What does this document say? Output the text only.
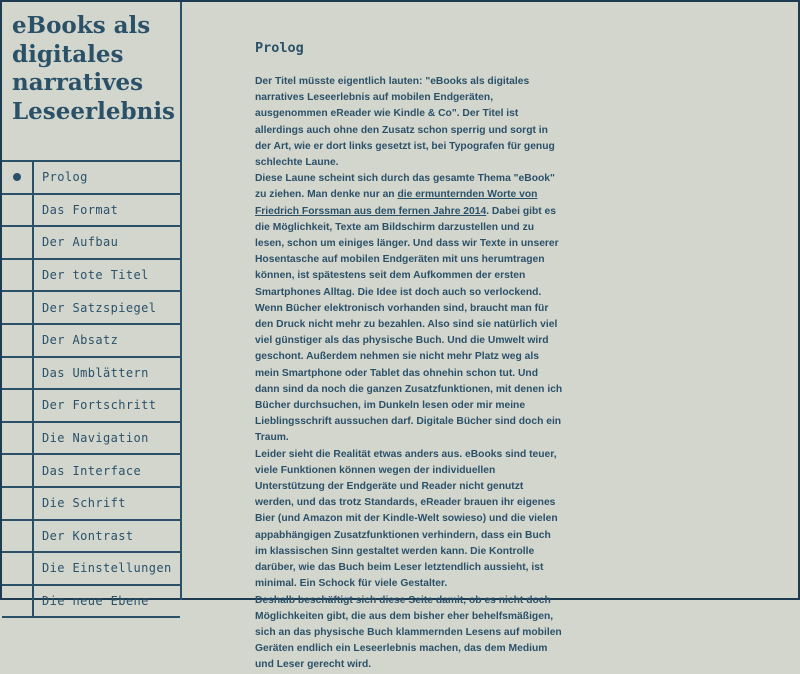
eBooks als digitales narratives Leseerlebnis
Prolog
Das Format
Der Aufbau
Der tote Titel
Der Satzspiegel
Der Absatz
Das Umblättern
Der Fortschritt
Die Navigation
Das Interface
Die Schrift
Der Kontrast
Die Einstellungen
Die neue Ebene
Prolog

Der Titel müsste eigentlich lauten: "eBooks als digitales narratives Leseerlebnis auf mobilen Endgeräten, ausgenommen eReader wie Kindle & Co". Der Titel ist allerdings auch ohne den Zusatz schon sperrig und sorgt in der Art, wie er dort links gesetzt ist, bei Typografen für genug schlechte Laune.

Diese Laune scheint sich durch das gesamte Thema "eBook" zu ziehen. Man denke nur an die ermunternden Worte von Friedrich Forssman aus dem fernen Jahre 2014. Dabei gibt es die Möglichkeit, Texte am Bildschirm darzustellen und zu lesen, schon um einiges länger. Und dass wir Texte in unserer Hosentasche auf mobilen Endgeräten mit uns herumtragen können, ist spätestens seit dem Aufkommen der ersten Smartphones Alltag. Die Idee ist doch auch so verlockend. Wenn Bücher elektronisch vorhanden sind, braucht man für den Druck nicht mehr zu bezahlen. Also sind sie natürlich viel viel günstiger als das physische Buch. Und die Umwelt wird geschont. Außerdem nehmen sie nicht mehr Platz weg als mein Smartphone oder Tablet das ohnehin schon tut. Und dann sind da noch die ganzen Zusatzfunktionen, mit denen ich Bücher durchsuchen, im Dunkeln lesen oder mir meine Lieblingsschrift aussuchen darf. Digitale Bücher sind doch ein Traum.

Leider sieht die Realität etwas anders aus. eBooks sind teuer, viele Funktionen können wegen der individuellen Unterstützung der Endgeräte und Reader nicht genutzt werden, und das trotz Standards, eReader brauen ihr eigenes Bier (und Amazon mit der Kindle-Welt sowieso) und die vielen appabhängigen Zusatzfunktionen verhindern, dass ein Buch im klassischen Sinn gestaltet werden kann. Die Kontrolle darüber, wie das Buch beim Leser letztendlich aussieht, ist minimal. Ein Schock für viele Gestalter.

Deshalb beschäftigt sich diese Seite damit, ob es nicht doch Möglichkeiten gibt, die aus dem bisher eher behelfsmäßigen, sich an das physische Buch klammernden Lesens auf mobilen Geräten endlich ein Leseerlebnis machen, das dem Medium und Leser gerecht wird.
